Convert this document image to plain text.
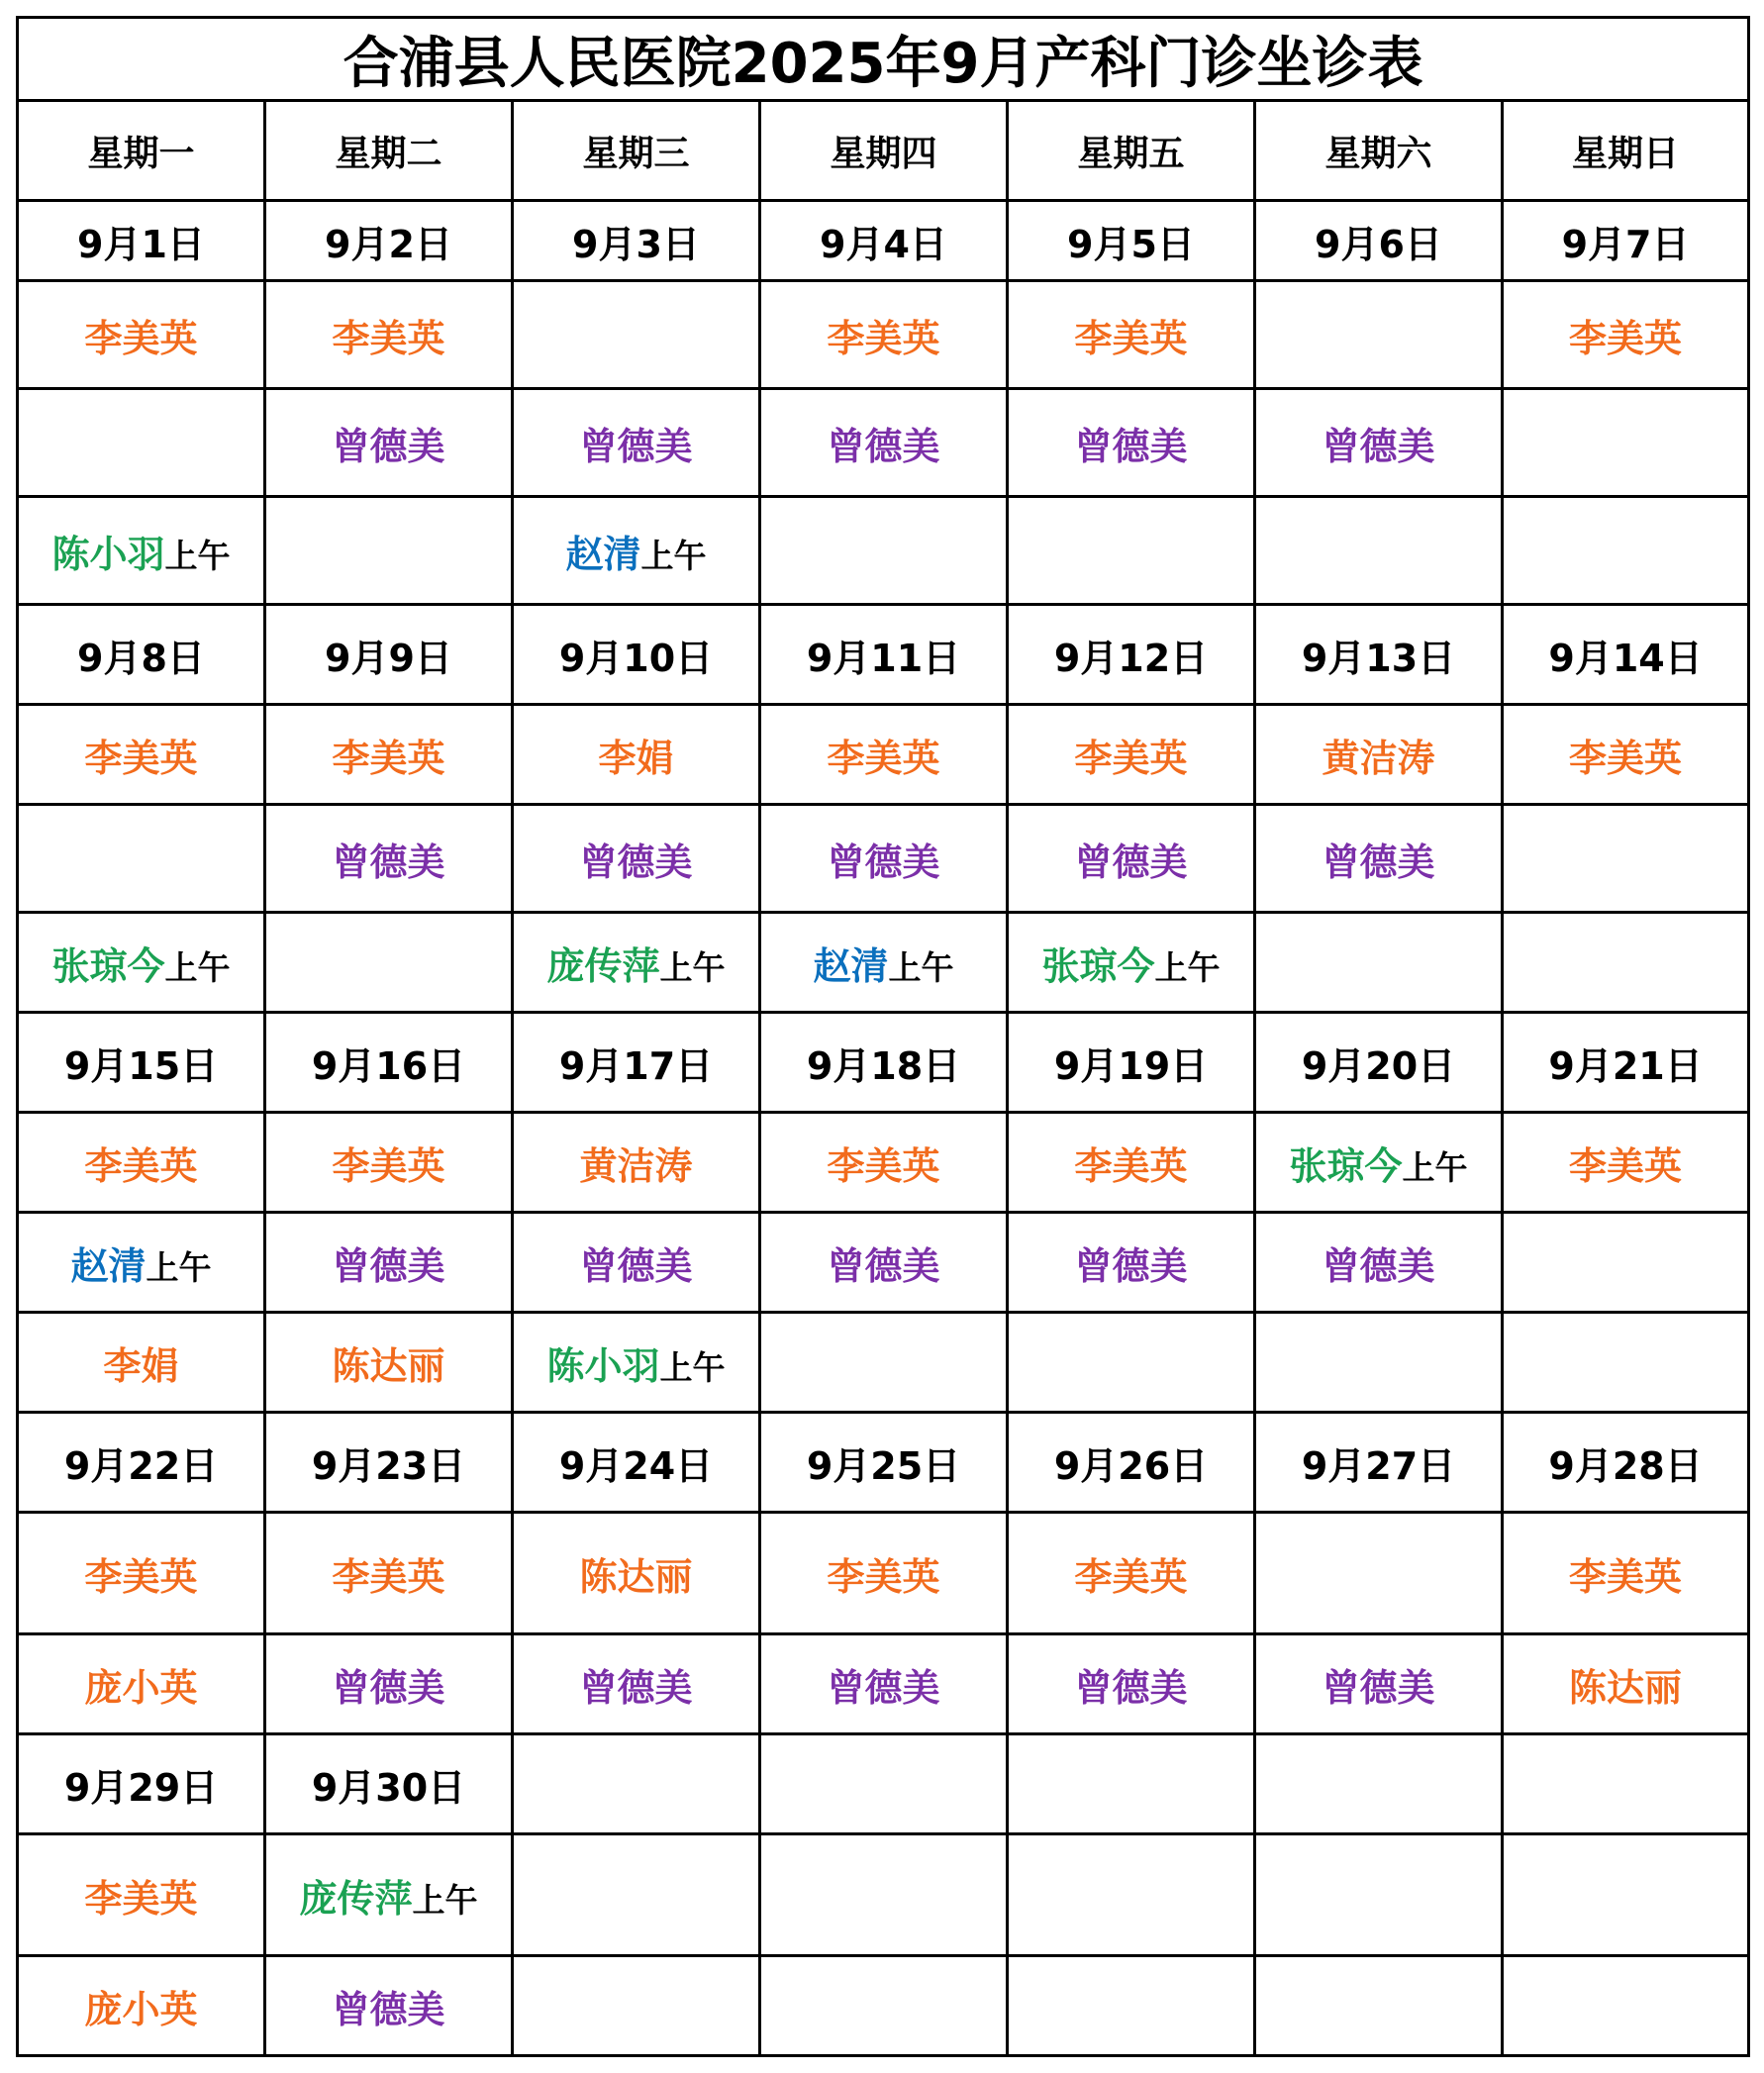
合浦县人民医院2025年9月产科门诊坐诊表						
星期一	星期二	星期三	星期四	星期五	星期六	星期日
9月1日	9月2日	9月3日	9月4日	9月5日	9月6日	9月7日
李美英	李美英		李美英	李美英		李美英
	曾德美	曾德美	曾德美	曾德美	曾德美	
陈小羽上午		赵清上午				
9月8日	9月9日	9月10日	9月11日	9月12日	9月13日	9月14日
李美英	李美英	李娟	李美英	李美英	黄洁涛	李美英
	曾德美	曾德美	曾德美	曾德美	曾德美	
张琼今上午		庞传萍上午	赵清上午	张琼今上午		
9月15日	9月16日	9月17日	9月18日	9月19日	9月20日	9月21日
李美英	李美英	黄洁涛	李美英	李美英	张琼今上午	李美英
赵清上午	曾德美	曾德美	曾德美	曾德美	曾德美	
李娟	陈达丽	陈小羽上午				
9月22日	9月23日	9月24日	9月25日	9月26日	9月27日	9月28日
李美英	李美英	陈达丽	李美英	李美英		李美英
庞小英	曾德美	曾德美	曾德美	曾德美	曾德美	陈达丽
9月29日	9月30日					
李美英	庞传萍上午					
庞小英	曾德美					
